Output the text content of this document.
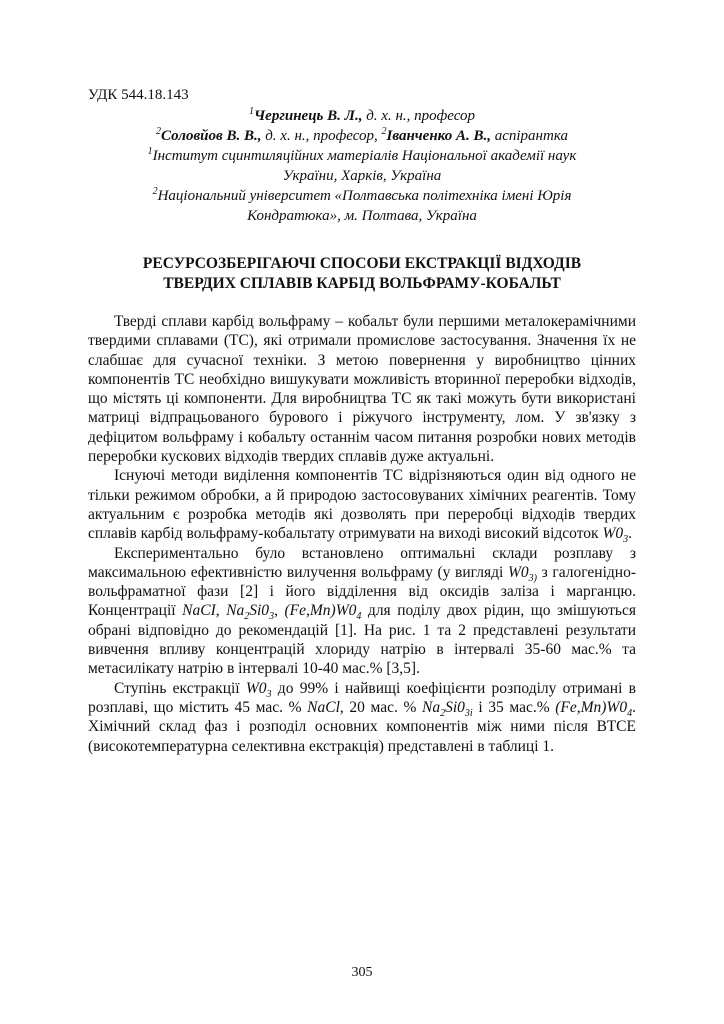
УДК 544.18.143

$^1$Чергинець В. Л., д. х. н., професор
$^2$Соловйов В. В., д. х. н., професор, $^2$Іванченко А. В., аспірантка
$^1$Інститут сцинтиляційних матеріалів Національної академії наук
України, Харків, Україна
$^2$Національний університет «Полтавська політехніка імені Юрія
Кондратюка», м. Полтава, Україна
РЕСУРСОЗБЕРІГАЮЧІ СПОСОБИ ЕКСТРАКЦІЇ ВІДХОДІВ
ТВЕРДИХ СПЛАВІВ КАРБІД ВОЛЬФРАМУ-КОБАЛЬТ

Тверді сплави карбід вольфраму – кобальт були першими металокерамічними твердими сплавами (ТС), які отримали промислове застосування. Значення їх не слабшає для сучасної техніки. З метою повернення у виробництво цінних компонентів ТС необхідно вишукувати можливість вторинної переробки відходів, що містять ці компоненти. Для виробництва ТС як такі можуть бути використані матриці відпрацьованого бурового і ріжучого інструменту, лом. У зв'язку з дефіцитом вольфраму і кобальту останнім часом питання розробки нових методів переробки кускових відходів твердих сплавів дуже актуальні.

Існуючі методи виділення компонентів ТС відрізняються один від одного не тільки режимом обробки, а й природою застосовуваних хімічних реагентів. Тому актуальним є розробка методів які дозволять при переробці відходів твердих сплавів карбід вольфраму-кобальтату отримувати на виході високий відсоток $W0_3$.

Експериментально було встановлено оптимальні склади розплаву з максимальною ефективністю вилучення вольфраму (у вигляді $W0_{3)}$ з галогенідно-вольфраматної фази [2] і його відділення від оксидів заліза і марганцю. Концентрації NaCI, $Na_2Si0_3$, $(Fe,Mn)W0_4$ для поділу двох рідин, що змішуються обрані відповідно до рекомендацій [1]. На рис. 1 та 2 представлені результати вивчення впливу концентрацій хлориду натрію в інтервалі 35-60 мас.% та метасилікату натрію в інтервалі 10-40 мас.% [3,5].

Ступінь екстракції $W0_3$ до 99% і найвищі коефіцієнти розподілу отримані в розплаві, що містить 45 мас. % NaCl, 20 мас. % $Na_2Si0_{3і}$ і 35 мас.% $(Fe,Mn)W0_4$. Хімічний склад фаз і розподіл основних компонентів між ними після ВТСЕ (високотемпературна селективна екстракція) представлені в таблиці 1.

305
